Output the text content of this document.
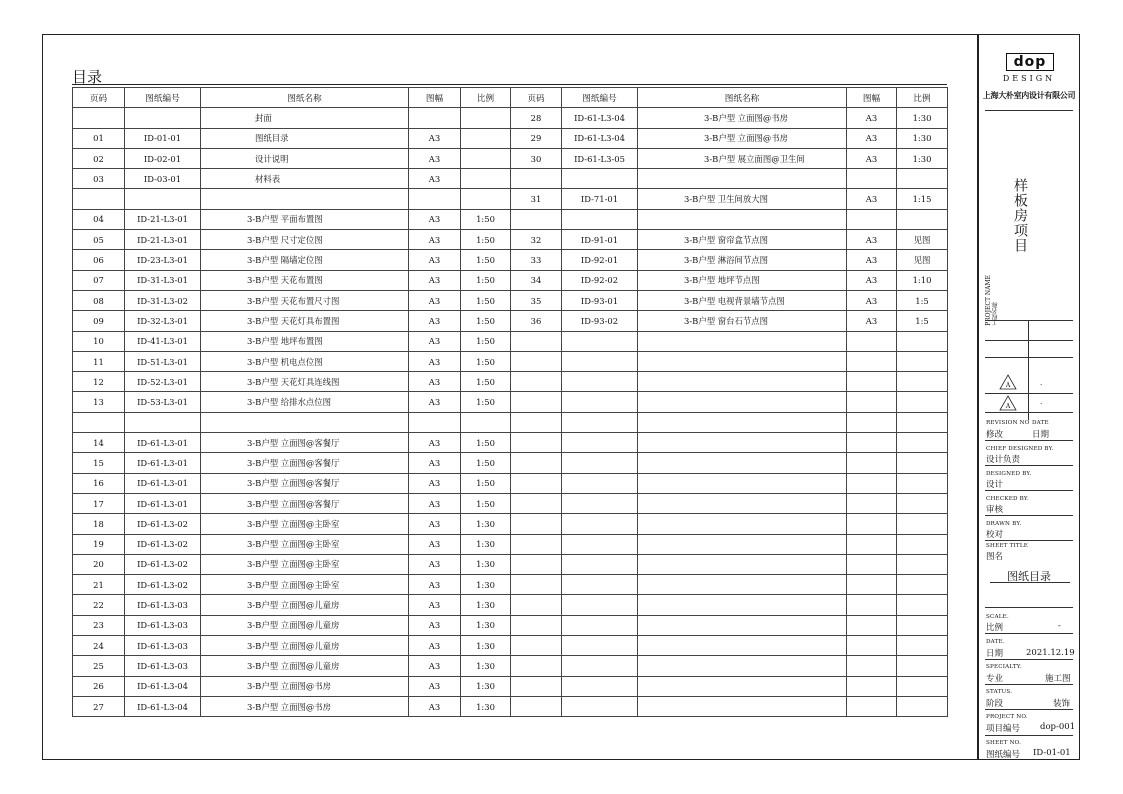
目录
页码	图纸编号	图纸名称	图幅	比例	页码	图纸编号	图纸名称	图幅	比例
		封面			28	ID-61-L3-04	3-B户型 立面图@书房	A3	1:30
01	ID-01-01	图纸目录	A3		29	ID-61-L3-04	3-B户型 立面图@书房	A3	1:30
02	ID-02-01	设计说明	A3		30	ID-61-L3-05	3-B户型 展立面图@卫生间	A3	1:30
03	ID-03-01	材料表	A3						
					31	ID-71-01	3-B户型 卫生间放大图	A3	1:15
04	ID-21-L3-01	3-B户型 平面布置图	A3	1:50					
05	ID-21-L3-01	3-B户型 尺寸定位图	A3	1:50	32	ID-91-01	3-B户型 窗帘盒节点图	A3	见图
06	ID-23-L3-01	3-B户型 隔墙定位图	A3	1:50	33	ID-92-01	3-B户型 淋浴间节点图	A3	见图
07	ID-31-L3-01	3-B户型 天花布置图	A3	1:50	34	ID-92-02	3-B户型 地坪节点图	A3	1:10
08	ID-31-L3-02	3-B户型 天花布置尺寸图	A3	1:50	35	ID-93-01	3-B户型 电视背景墙节点图	A3	1:5
09	ID-32-L3-01	3-B户型 天花灯具布置图	A3	1:50	36	ID-93-02	3-B户型 窗台石节点图	A3	1:5
10	ID-41-L3-01	3-B户型 地坪布置图	A3	1:50					
11	ID-51-L3-01	3-B户型 机电点位图	A3	1:50					
12	ID-52-L3-01	3-B户型 天花灯具连线图	A3	1:50					
13	ID-53-L3-01	3-B户型 给排水点位图	A3	1:50					

14	ID-61-L3-01	3-B户型 立面图@客餐厅	A3	1:50					
15	ID-61-L3-01	3-B户型 立面图@客餐厅	A3	1:50					
16	ID-61-L3-01	3-B户型 立面图@客餐厅	A3	1:50					
17	ID-61-L3-01	3-B户型 立面图@客餐厅	A3	1:50					
18	ID-61-L3-02	3-B户型 立面图@主卧室	A3	1:30					
19	ID-61-L3-02	3-B户型 立面图@主卧室	A3	1:30					
20	ID-61-L3-02	3-B户型 立面图@主卧室	A3	1:30					
21	ID-61-L3-02	3-B户型 立面图@主卧室	A3	1:30					
22	ID-61-L3-03	3-B户型 立面图@儿童房	A3	1:30					
23	ID-61-L3-03	3-B户型 立面图@儿童房	A3	1:30					
24	ID-61-L3-03	3-B户型 立面图@儿童房	A3	1:30					
25	ID-61-L3-03	3-B户型 立面图@儿童房	A3	1:30					
26	ID-61-L3-04	3-B户型 立面图@书房	A3	1:30					
27	ID-61-L3-04	3-B户型 立面图@书房	A3	1:30					
dop
DESIGN
上海大朴室内设计有限公司
样板房项目
PROJECT NAME
工程名称
A	.
A
.
REVISION NO
修改
DATE
日期
CHIEF DESIGNED BY.
设计负责
DESIGNED BY.
设计
CHECKED BY.
审核
DRAWN BY.
校对
SHEET TITLE
图名
图纸目录
SCALE.
比例	-
DATE.
日期	2021.12.19
SPECIALTY.
专业	施工图
STATUS.
阶段	装饰
PROJECT NO.
项目编号 dop-001
SHEET NO.
图纸编号 ID-01-01
